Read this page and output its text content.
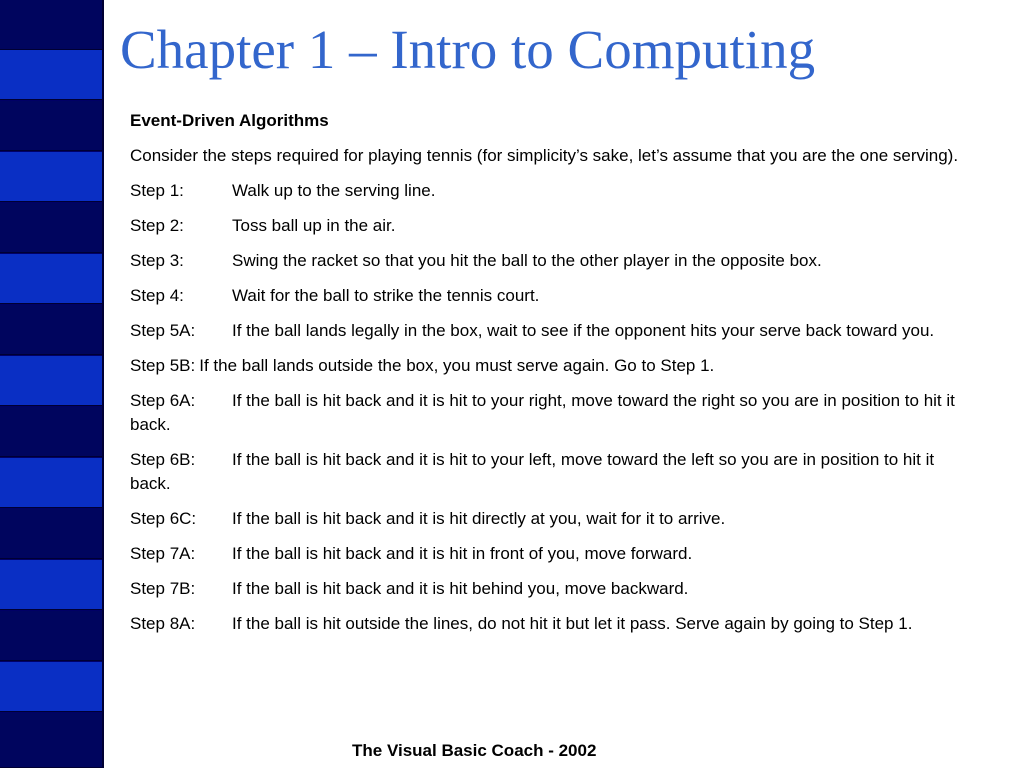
Chapter 1 – Intro to Computing
Event-Driven Algorithms
Consider the steps required for playing tennis (for simplicity’s sake, let’s assume that you are the one serving).
Step 1:	Walk up to the serving line.
Step 2:	Toss ball up in the air.
Step 3:	Swing the racket so that you hit the ball to the other player in the opposite box.
Step 4:	Wait for the ball to strike the tennis court.
Step 5A: If the ball lands legally in the box, wait to see if the opponent hits your serve back toward you.
Step 5B: If the ball lands outside the box, you must serve again. Go to Step 1.
Step 6A: If the ball is hit back and it is hit to your right, move toward the right so you are in position to hit it back.
Step 6B: If the ball is hit back and it is hit to your left, move toward the left so you are in position to hit it back.
Step 6C: If the ball is hit back and it is hit directly at you, wait for it to arrive.
Step 7A: If the ball is hit back and it is hit in front of you, move forward.
Step 7B: If the ball is hit back and it is hit behind you, move backward.
Step 8A: If the ball is hit outside the lines, do not hit it but let it pass. Serve again by going to Step 1.
The Visual Basic Coach - 2002
